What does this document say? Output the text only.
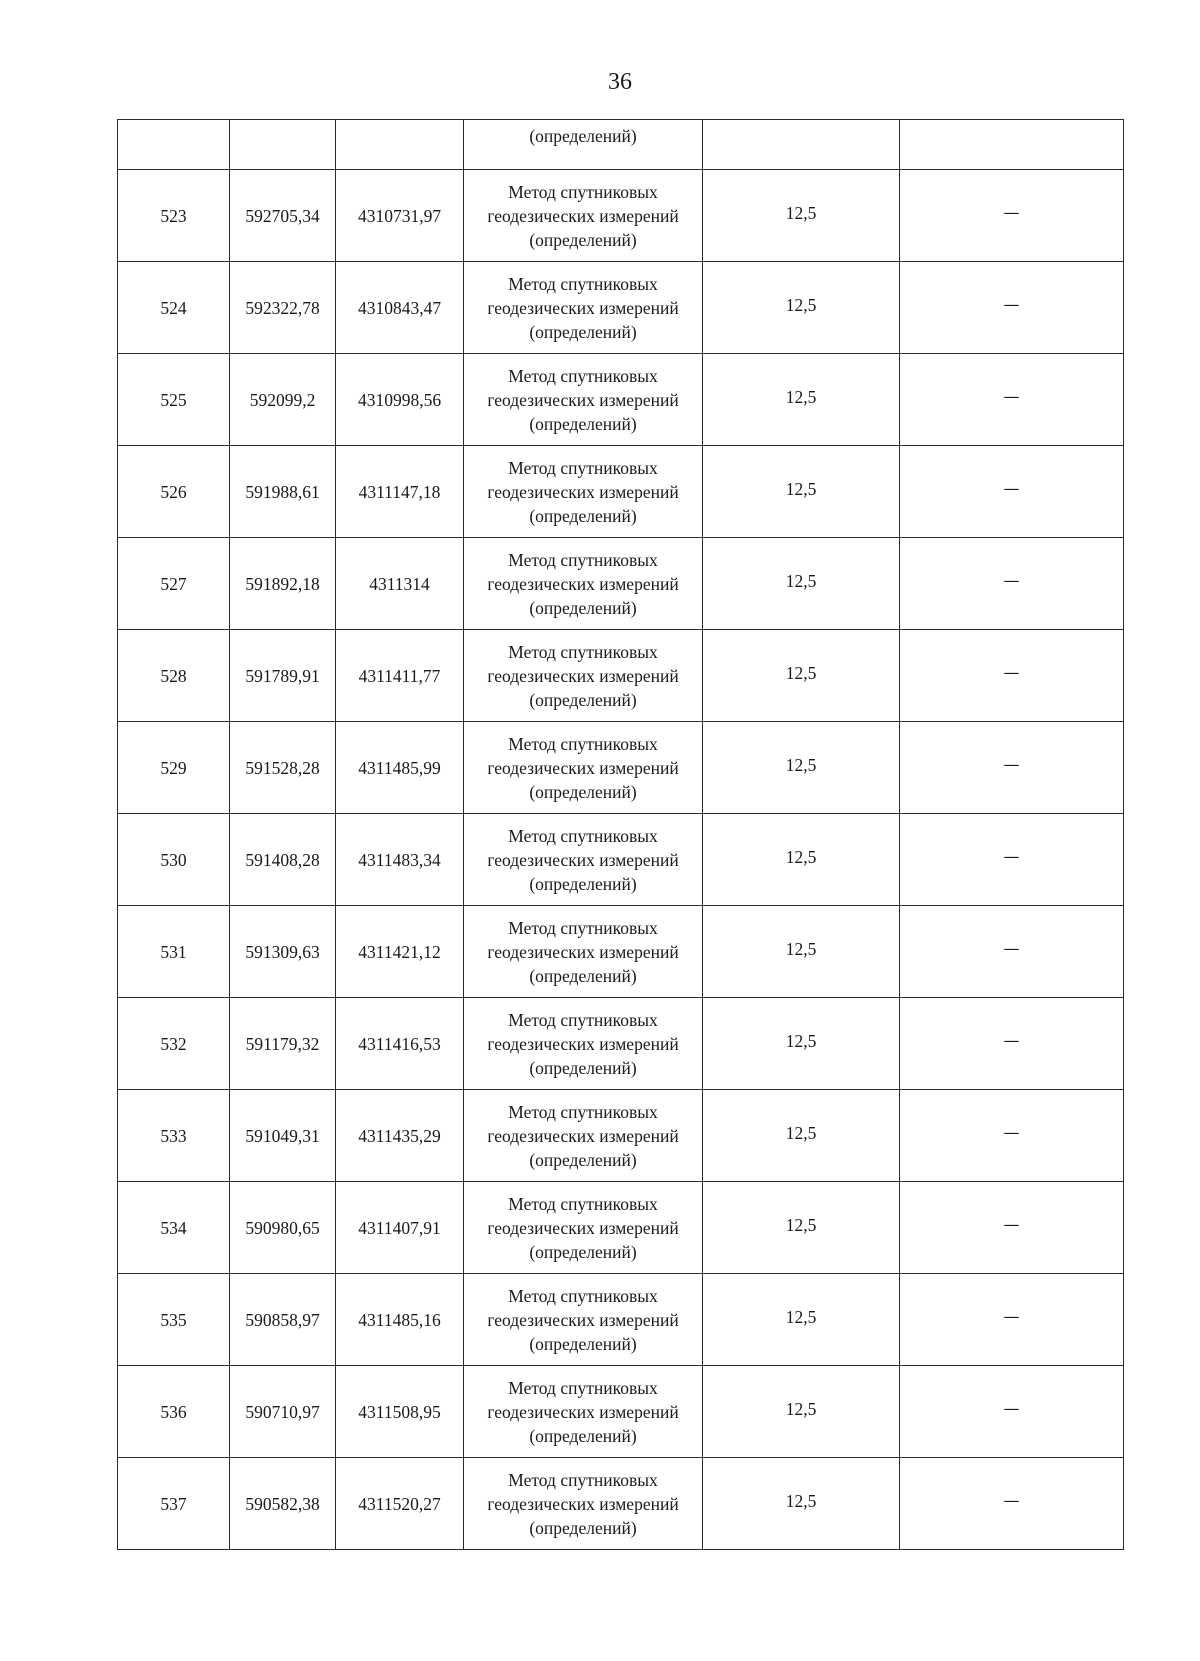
36
			(определений)		
523	592705,34	4310731,97	Метод спутниковых
геодезических измерений
(определений)	12,5	—
524	592322,78	4310843,47	Метод спутниковых
геодезических измерений
(определений)	12,5	—
525	592099,2	4310998,56	Метод спутниковых
геодезических измерений
(определений)	12,5	—
526	591988,61	4311147,18	Метод спутниковых
геодезических измерений
(определений)	12,5	—
527	591892,18	4311314	Метод спутниковых
геодезических измерений
(определений)	12,5	—
528	591789,91	4311411,77	Метод спутниковых
геодезических измерений
(определений)	12,5	—
529	591528,28	4311485,99	Метод спутниковых
геодезических измерений
(определений)	12,5	—
530	591408,28	4311483,34	Метод спутниковых
геодезических измерений
(определений)	12,5	—
531	591309,63	4311421,12	Метод спутниковых
геодезических измерений
(определений)	12,5	—
532	591179,32	4311416,53	Метод спутниковых
геодезических измерений
(определений)	12,5	—
533	591049,31	4311435,29	Метод спутниковых
геодезических измерений
(определений)	12,5	—
534	590980,65	4311407,91	Метод спутниковых
геодезических измерений
(определений)	12,5	—
535	590858,97	4311485,16	Метод спутниковых
геодезических измерений
(определений)	12,5	—
536	590710,97	4311508,95	Метод спутниковых
геодезических измерений
(определений)	12,5	—
537	590582,38	4311520,27	Метод спутниковых
геодезических измерений
(определений)	12,5	—
